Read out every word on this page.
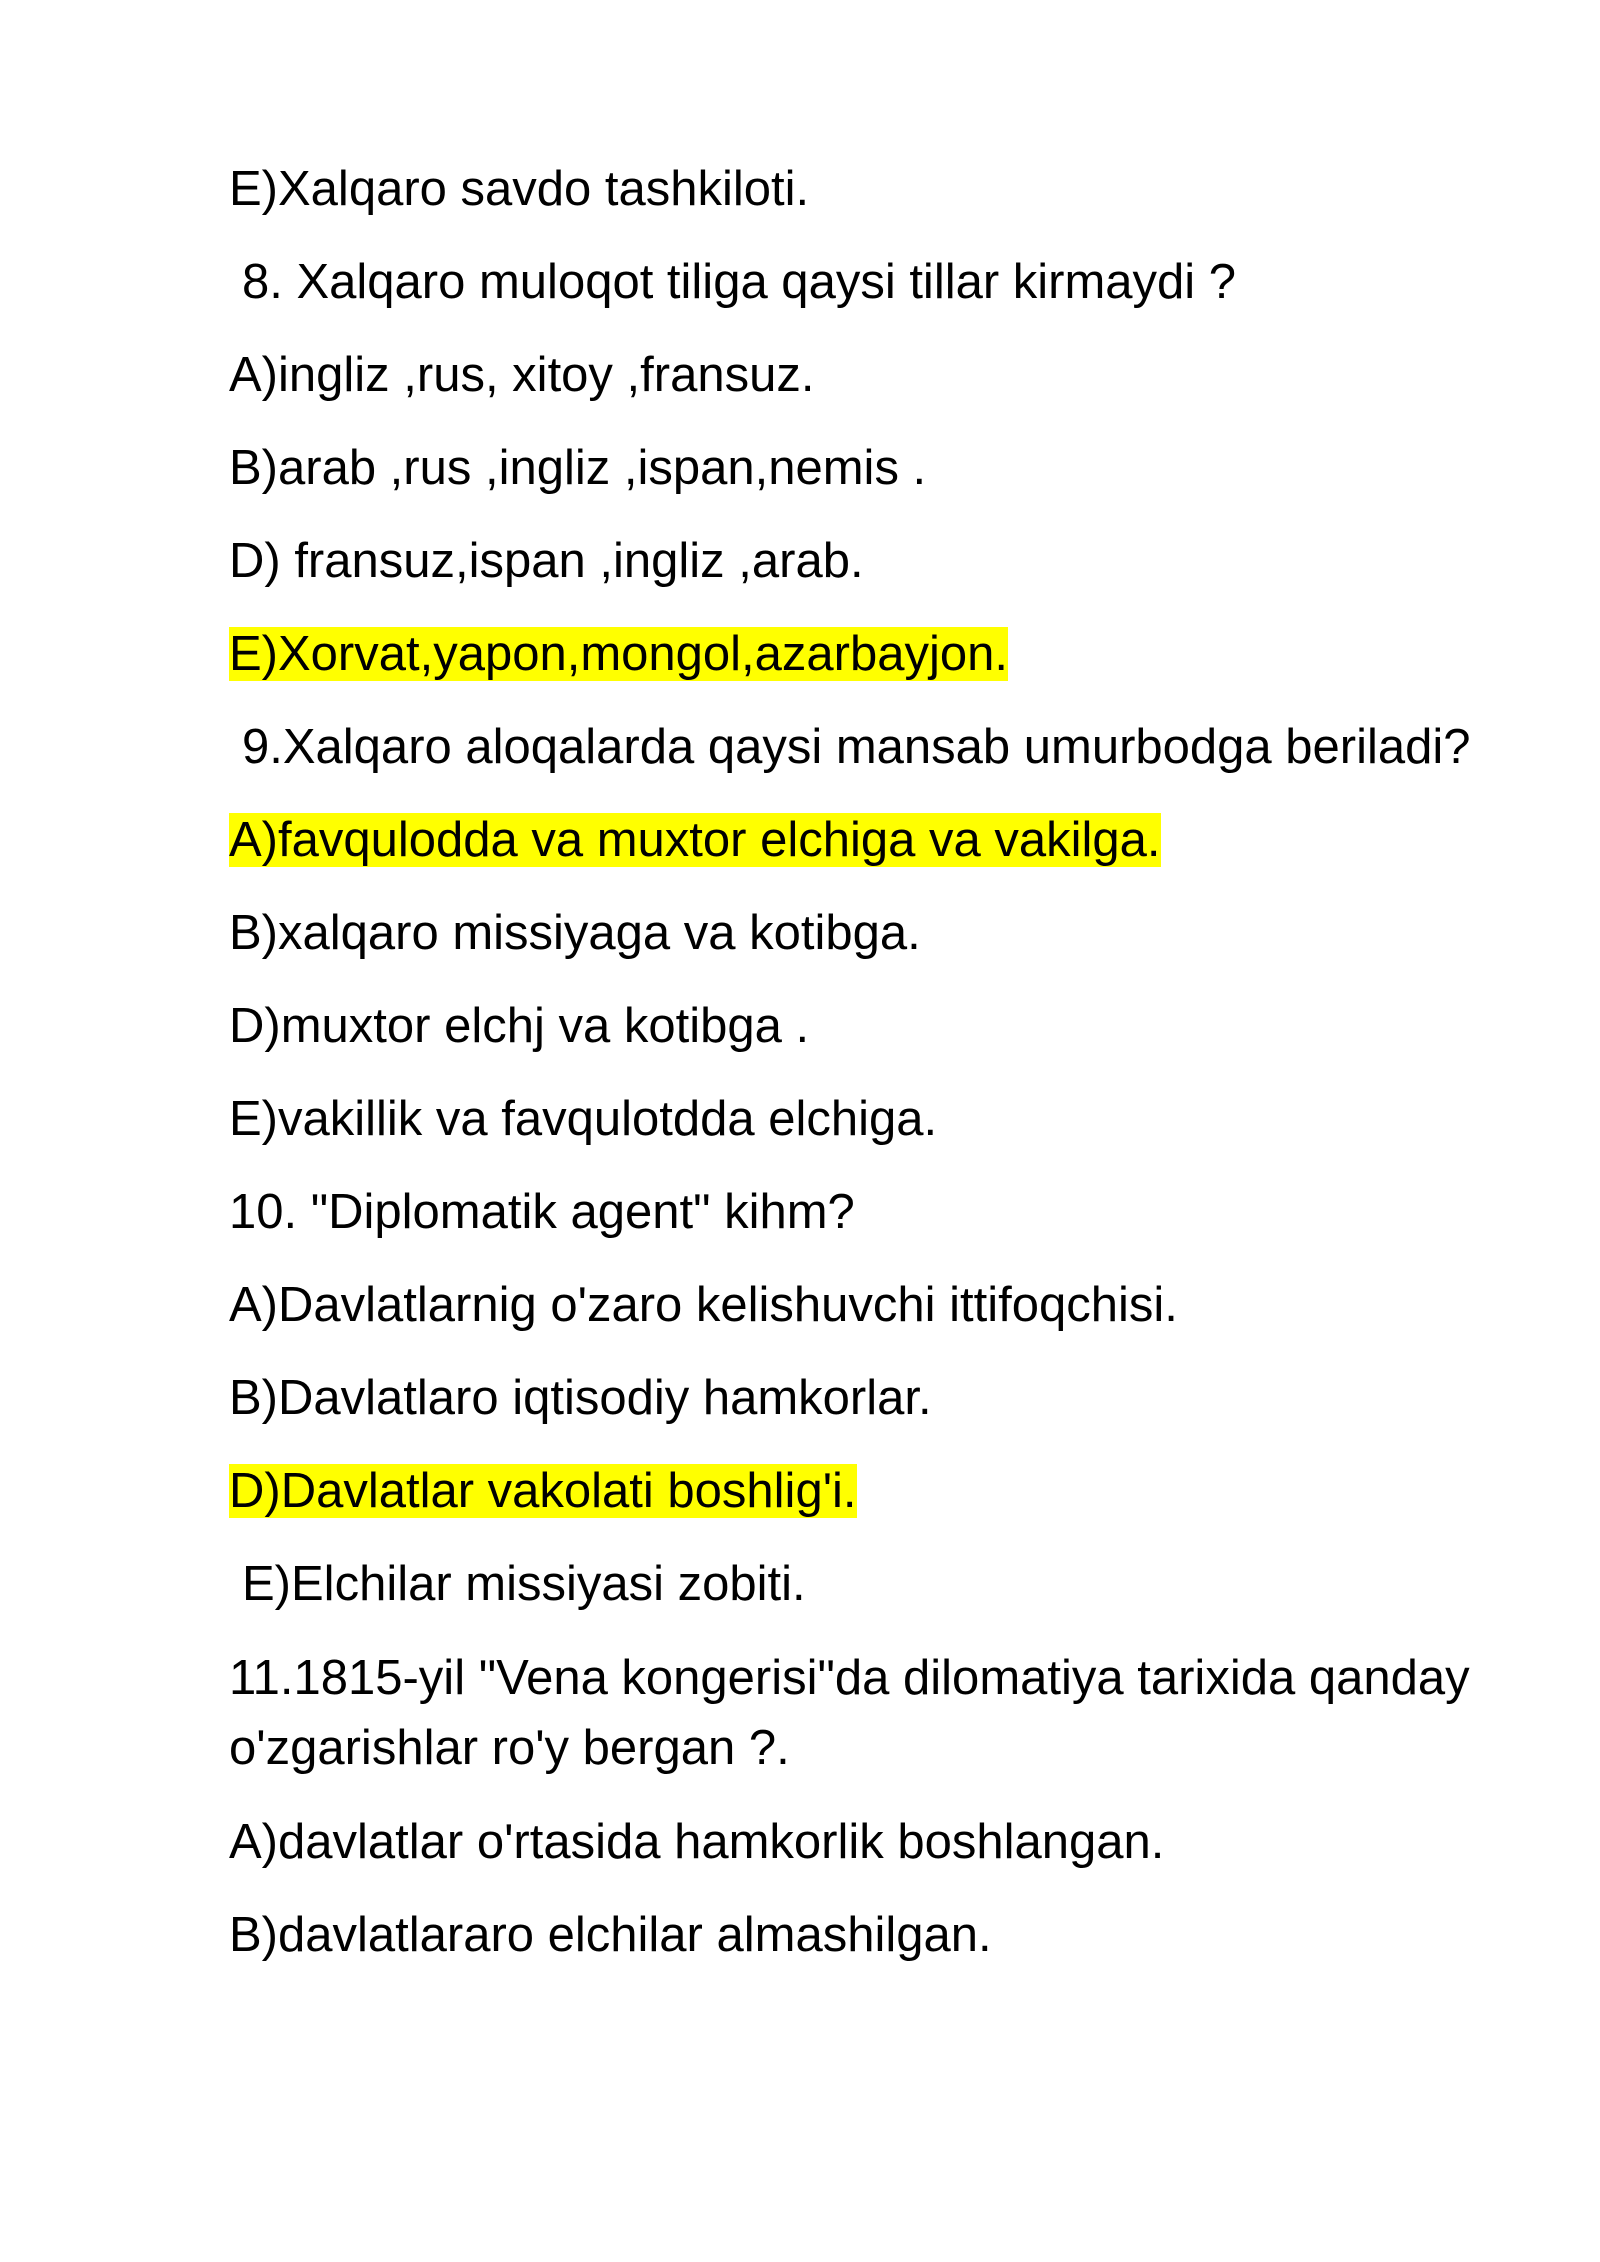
E)Xalqaro savdo tashkiloti.
8. Xalqaro muloqot tiliga qaysi tillar kirmaydi ?
A)ingliz ,rus, xitoy ,fransuz.
B)arab ,rus ,ingliz ,ispan,nemis .
D) fransuz,ispan ,ingliz ,arab.
E)Xorvat,yapon,mongol,azarbayjon.
9.Xalqaro aloqalarda qaysi mansab umurbodga beriladi?
A)favqulodda va muxtor elchiga va vakilga.
B)xalqaro missiyaga va kotibga.
D)muxtor elchj va kotibga .
E)vakillik va favqulotdda elchiga.
10. "Diplomatik agent" kihm?
A)Davlatlarnig o'zaro kelishuvchi ittifoqchisi.
B)Davlatlaro iqtisodiy hamkorlar.
D)Davlatlar vakolati boshlig'i.
E)Elchilar missiyasi zobiti.
11.1815-yil "Vena kongerisi"da dilomatiya tarixida qanday o'zgarishlar ro'y bergan ?.
A)davlatlar o'rtasida hamkorlik boshlangan.
B)davlatlararo elchilar almashilgan.
